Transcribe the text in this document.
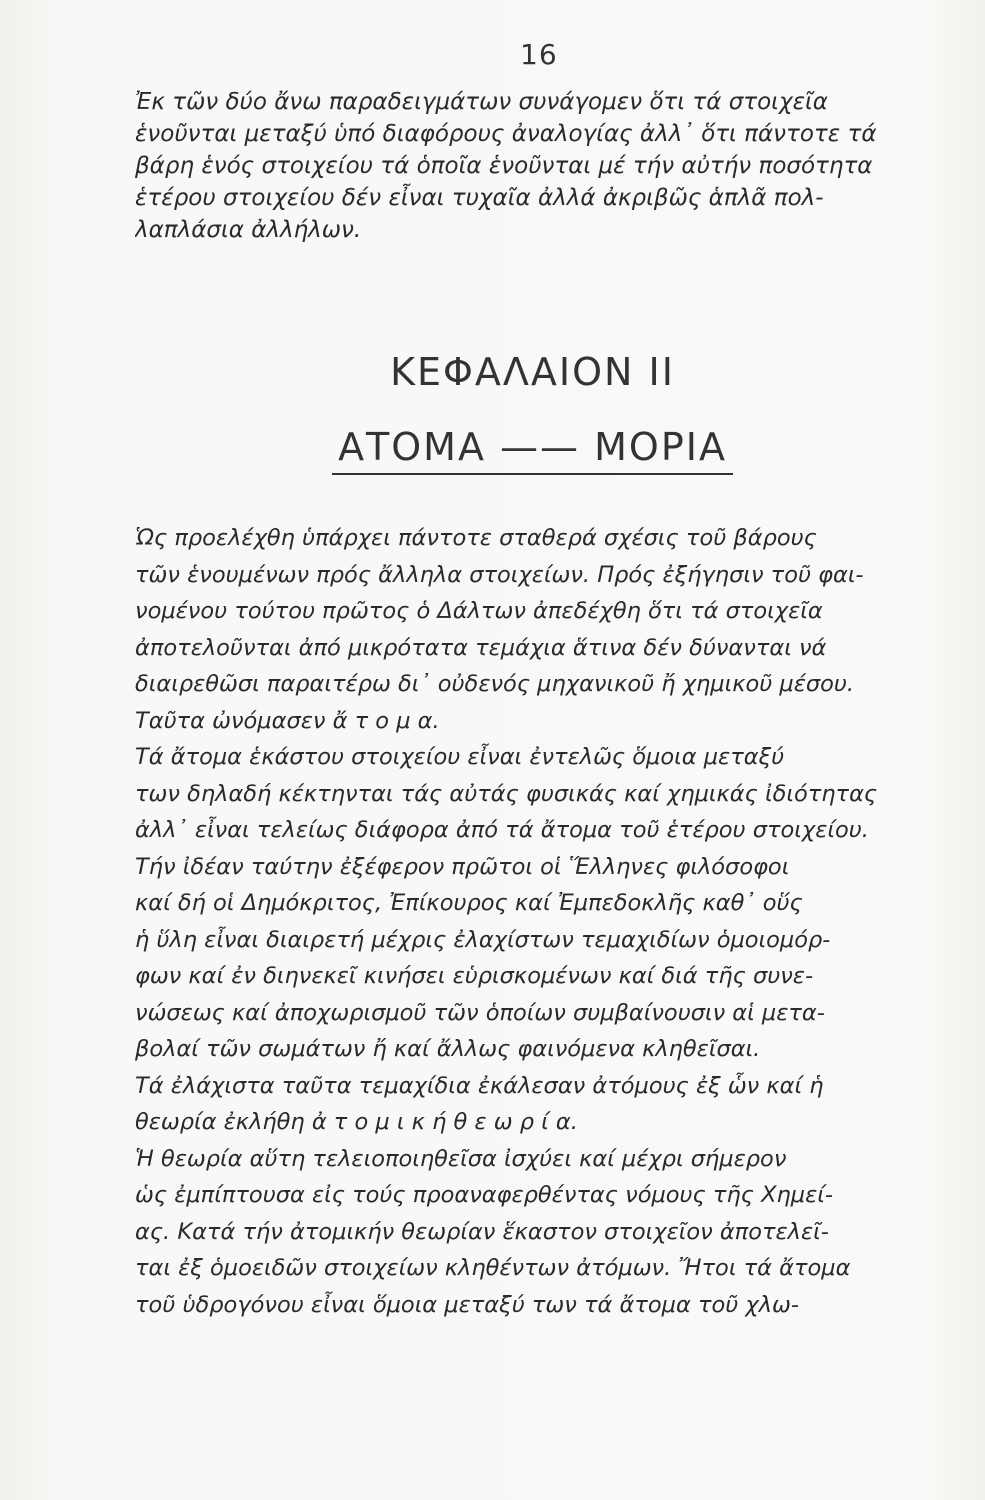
16
Ἐκ τῶν δύο ἄνω παραδειγμάτων συνάγομεν ὅτι τά στοιχεῖα
ἑνοῦνται μεταξύ ὑπό διαφόρους ἀναλογίας ἀλλ᾽ ὅτι πάντοτε τά
βάρη ἑνός στοιχείου τά ὁποῖα ἑνοῦνται μέ τήν αὐτήν ποσότητα
ἑτέρου στοιχείου δέν εἶναι τυχαῖα ἀλλά ἀκριβῶς ἁπλᾶ πολ-
λαπλάσια ἀλλήλων.
ΚΕΦΑΛΑΙΟΝ ΙΙ
ΑΤΟΜΑ —— ΜΟΡΙΑ
Ὡς προελέχθη ὑπάρχει πάντοτε σταθερά σχέσις τοῦ βάρους
τῶν ἑνουμένων πρός ἄλληλα στοιχείων. Πρός ἐξήγησιν τοῦ φαι-
νομένου τούτου πρῶτος ὁ Δάλτων ἀπεδέχθη ὅτι τά στοιχεῖα
ἀποτελοῦνται ἀπό μικρότατα τεμάχια ἅτινα δέν δύνανται νά
διαιρεθῶσι παραιτέρω δι᾽ οὐδενός μηχανικοῦ ἤ χημικοῦ μέσου.
Ταῦτα ὠνόμασεν ἄ τ ο μ α.
Τά ἄτομα ἑκάστου στοιχείου εἶναι ἐντελῶς ὅμοια μεταξύ
των δηλαδή κέκτηνται τάς αὐτάς φυσικάς καί χημικάς ἰδιότητας
ἀλλ᾽ εἶναι τελείως διάφορα ἀπό τά ἄτομα τοῦ ἑτέρου στοιχείου.
Τήν ἰδέαν ταύτην ἐξέφερον πρῶτοι οἱ Ἕλληνες φιλόσοφοι
καί δή οἱ Δημόκριτος, Ἐπίκουρος καί Ἐμπεδοκλῆς καθ᾽ οὕς
ἡ ὕλη εἶναι διαιρετή μέχρις ἐλαχίστων τεμαχιδίων ὁμοιομόρ-
φων καί ἐν διηνεκεῖ κινήσει εὑρισκομένων καί διά τῆς συνε-
νώσεως καί ἀποχωρισμοῦ τῶν ὁποίων συμβαίνουσιν αἱ μετα-
βολαί τῶν σωμάτων ἤ καί ἄλλως φαινόμενα κληθεῖσαι.
Τά ἐλάχιστα ταῦτα τεμαχίδια ἐκάλεσαν ἀτόμους ἐξ ὧν καί ἡ
θεωρία ἐκλήθη ἀ τ ο μ ι κ ή θ ε ω ρ ί α.
Ἡ θεωρία αὕτη τελειοποιηθεῖσα ἰσχύει καί μέχρι σήμερον
ὡς ἐμπίπτουσα εἰς τούς προαναφερθέντας νόμους τῆς Χημεί-
ας. Κατά τήν ἀτομικήν θεωρίαν ἕκαστον στοιχεῖον ἀποτελεῖ-
ται ἐξ ὁμοειδῶν στοιχείων κληθέντων ἀτόμων. Ἤτοι τά ἄτομα
τοῦ ὑδρογόνου εἶναι ὅμοια μεταξύ των τά ἄτομα τοῦ χλω-
